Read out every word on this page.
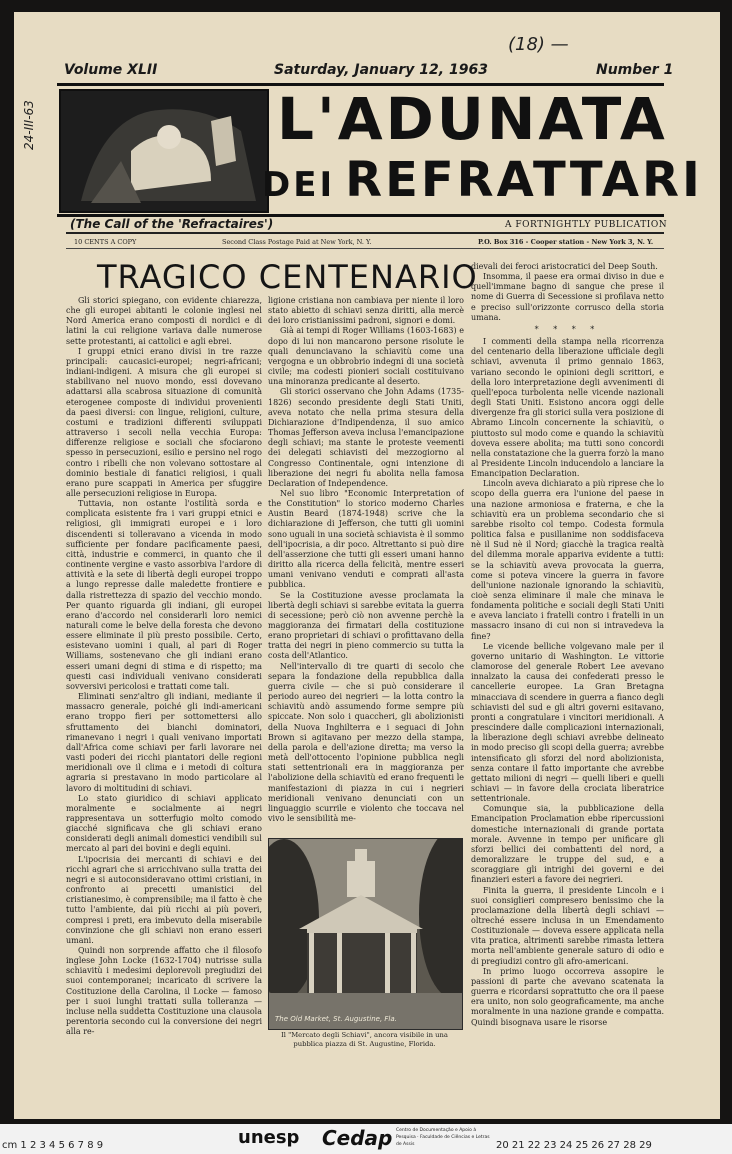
(18) —
24-III-63
Volume XLII	Saturday, January 12, 1963	Number 1
L'ADUNATA
DEI REFRATTARI
(The Call of the 'Refractaires')	A FORTNIGHTLY PUBLICATION
10 CENTS A COPY	Second Class Postage Paid at New York, N. Y.	P.O. Box 316 - Cooper station - New York 3, N. Y.
TRAGICO CENTENARIO

Gli storici spiegano, con evidente chiarezza, che gli europei abitanti le colonie inglesi nel Nord America erano composti di nordici e di latini la cui religione variava dalle numerose sette protestanti, ai cattolici e agli ebrei.

I gruppi etnici erano divisi in tre razze principali: caucasici-europei; negri-africani; indiani-indigeni. A misura che gli europei si stabilivano nel nuovo mondo, essi dovevano adattarsi alla scabrosa situazione di comunità eterogenee composte di individui provenienti da paesi diversi: con lingue, religioni, culture, costumi e tradizioni differenti sviluppati attraverso i secoli nella vecchia Europa: differenze religiose e sociali che sfociarono spesso in persecuzioni, esilio e persino nel rogo contro i ribelli che non volevano sottostare al dominio bestiale di fanatici religiosi, i quali erano pure scappati in America per sfuggire alle persecuzioni religiose in Europa.

Tuttavia, non ostante l'ostilità sorda e complicata esistente fra i vari gruppi etnici e religiosi, gli immigrati europei e i loro discendenti si tolleravano a vicenda in modo sufficiente per fondare pacificamente paesi, città, industrie e commerci, in quanto che il continente vergine e vasto assorbiva l'ardore di attività e la sete di libertà degli europei troppo a lungo represse dalle maledette frontiere e dalla ristrettezza di spazio del vecchio mondo. Per quanto riguarda gli indiani, gli europei erano d'accordo nel considerarli loro nemici naturali come le belve della foresta che devono essere eliminate il più presto possibile. Certo, esistevano uomini i quali, al pari di Roger Williams, sostenevano che gli indiani erano esseri umani degni di stima e di rispetto; ma questi casi individuali venivano considerati sovversivi pericolosi e trattati come tali.

Eliminati senz'altro gli indiani, mediante il massacro generale, poiché gli indi-americani erano troppo fieri per sottomettersi allo sfruttamento dei bianchi dominatori, rimanevano i negri i quali venivano importati dall'Africa come schiavi per farli lavorare nei vasti poderi dei ricchi piantatori delle regioni meridionali ove il clima e i metodi di coltura agraria si prestavano in modo particolare al lavoro di moltitudini di schiavi.

Lo stato giuridico di schiavi applicato moralmente e socialmente ai negri rappresentava un sotterfugio molto comodo giacché significava che gli schiavi erano considerati degli animali domestici vendibili sul mercato al pari dei bovini e degli equini.

L'ipocrisia dei mercanti di schiavi e dei ricchi agrari che si arricchivano sulla tratta dei negri e si autoconsideravano ottimi cristiani, in confronto ai precetti umanistici del cristianesimo, è comprensibile; ma il fatto è che tutto l'ambiente, dai più ricchi ai più poveri, compresi i preti, era imbevuto della miserabile convinzione che gli schiavi non erano esseri umani.

Quindi non sorprende affatto che il filosofo inglese John Locke (1632-1704) nutrisse sulla schiavitù i medesimi deplorevoli pregiudizi dei suoi contemporanei; incaricato di scrivere la Costituzione della Carolina, il Locke — famoso per i suoi lunghi trattati sulla tolleranza — incluse nella suddetta Costituzione una clausola perentoria secondo cui la conversione dei negri alla re-

ligione cristiana non cambiava per niente il loro stato abietto di schiavi senza diritti, alla mercè dei loro cristianissimi padroni, signori e domi.

Già ai tempi di Roger Williams (1603-1683) e dopo di lui non mancarono persone risolute le quali denunciavano la schiavitù come una vergogna e un obbrobrio indegni di una società civile; ma codesti pionieri sociali costituivano una minoranza predicante al deserto.

Gli storici osservano che John Adams (1735-1826) secondo presidente degli Stati Uniti, aveva notato che nella prima stesura della Dichiarazione d'Indipendenza, il suo amico Thomas Jefferson aveva inclusa l'emancipazione degli schiavi; ma stante le proteste veementi dei delegati schiavisti del mezzogiorno al Congresso Continentale, ogni intenzione di liberazione dei negri fu abolita nella famosa Declaration of Independence.

Nel suo libro "Economic Interpretation of the Constitution" lo storico moderno Charles Austin Beard (1874-1948) scrive che la dichiarazione di Jefferson, che tutti gli uomini sono uguali in una società schiavista è il sommo dell'ipocrisia, a dir poco. Altrettanto si può dire dell'asserzione che tutti gli esseri umani hanno diritto alla ricerca della felicità, mentre esseri umani venivano venduti e comprati all'asta pubblica.

Se la Costituzione avesse proclamata la libertà degli schiavi si sarebbe evitata la guerra di secessione; però ciò non avvenne perchè la maggioranza dei firmatari della costituzione erano proprietari di schiavi o profittavano della tratta dei negri in pieno commercio su tutta la costa dell'Atlantico.

Nell'intervallo di tre quarti di secolo che separa la fondazione della repubblica dalla guerra civile — che si può considerare il periodo aureo dei negrieri — la lotta contro la schiavitù andò assumendo forme sempre più spiccate. Non solo i quaccheri, gli abolizionisti della Nuova Inghilterra e i seguaci di John Brown si agitavano per mezzo della stampa, della parola e dell'azione diretta; ma verso la metà dell'ottocento l'opinione pubblica negli stati settentrionali era in maggioranza per l'abolizione della schiavitù ed erano frequenti le manifestazioni di piazza in cui i negrieri meridionali venivano denunciati con un linguaggio scurrile e violento che toccava nel vivo le sensibilità me-

The Old Market, St. Augustine, Fla.
Il "Mercato degli Schiavi", ancora visibile in una pubblica piazza di St. Augustine, Florida.

dievali dei feroci aristocratici del Deep South.

Insomma, il paese era ormai diviso in due e quell'immane bagno di sangue che prese il nome di Guerra di Secessione si profilava netto e preciso sull'orizzonte corrusco della storia umana.

* * * *

I commenti della stampa nella ricorrenza del centenario della liberazione ufficiale degli schiavi, avvenuta il primo gennaio 1863, variano secondo le opinioni degli scrittori, e della loro interpretazione degli avvenimenti di quell'epoca turbolenta nelle vicende nazionali degli Stati Uniti. Esistono ancora oggi delle divergenze fra gli storici sulla vera posizione di Abramo Lincoln concernente la schiavitù, o piuttosto sul modo come e quando la schiavitù doveva essere abolita; ma tutti sono concordi nella constatazione che la guerra forzò la mano al Presidente Lincoln inducendolo a lanciare la Emancipation Declaration.

Lincoln aveva dichiarato a più riprese che lo scopo della guerra era l'unione del paese in una nazione armoniosa e fraterna, e che la schiavitù era un problema secondario che si sarebbe risolto col tempo. Codesta formula politica falsa e pusillanime non soddisfaceva nè il Sud nè il Nord; giacchè la tragica realtà del dilemma morale appariva evidente a tutti: se la schiavitù aveva provocata la guerra, come si poteva vincere la guerra in favore dell'unione nazionale ignorando la schiavitù, cioè senza eliminare il male che minava le fondamenta politiche e sociali degli Stati Uniti e aveva lanciato i fratelli contro i fratelli in un massacro insano di cui non si intravedeva la fine?

Le vicende belliche volgevano male per il governo unitario di Washington. Le vittorie clamorose del generale Robert Lee avevano innalzato la causa dei confederati presso le cancellerie europee. La Gran Bretagna minacciava di scendere in guerra a fianco degli schiavisti del sud e gli altri governi esitavano, pronti a congratulare i vincitori meridionali. A prescindere dalle complicazioni internazionali, la liberazione degli schiavi avrebbe delineato in modo preciso gli scopi della guerra; avrebbe intensificato gli sforzi del nord abolizionista, senza contare il fatto importante che avrebbe gettato milioni di negri — quelli liberi e quelli schiavi — in favore della crociata liberatrice settentrionale.

Comunque sia, la pubblicazione della Emancipation Proclamation ebbe ripercussioni domestiche internazionali di grande portata morale. Avvenne in tempo per unificare gli sforzi bellici dei combattenti del nord, a demoralizzare le truppe del sud, e a scoraggiare gli intrighi dei governi e dei finanzieri esteri a favore dei negrieri.

Finita la guerra, il presidente Lincoln e i suoi consiglieri compresero benissimo che la proclamazione della libertà degli schiavi — oltreché essere inclusa in un Emendamento Costituzionale — doveva essere applicata nella vita pratica, altrimenti sarebbe rimasta lettera morta nell'ambiente generale saturo di odio e di pregiudizi contro gli afro-americani.

In primo luogo occorreva assopire le passioni di parte che avevano scatenata la guerra e ricordarsi soprattutto che ora il paese era unito, non solo geograficamente, ma anche moralmente in una nazione grande e compatta. Quindi bisognava usare le risorse

cm 1 2 3 4 5 6 7 8 9	unesp Cedap Centro de Documentação e Apoio à Pesquisa · Faculdade de Ciências e Letras de Assis	20 21 22 23 24 25 26 27 28 29
